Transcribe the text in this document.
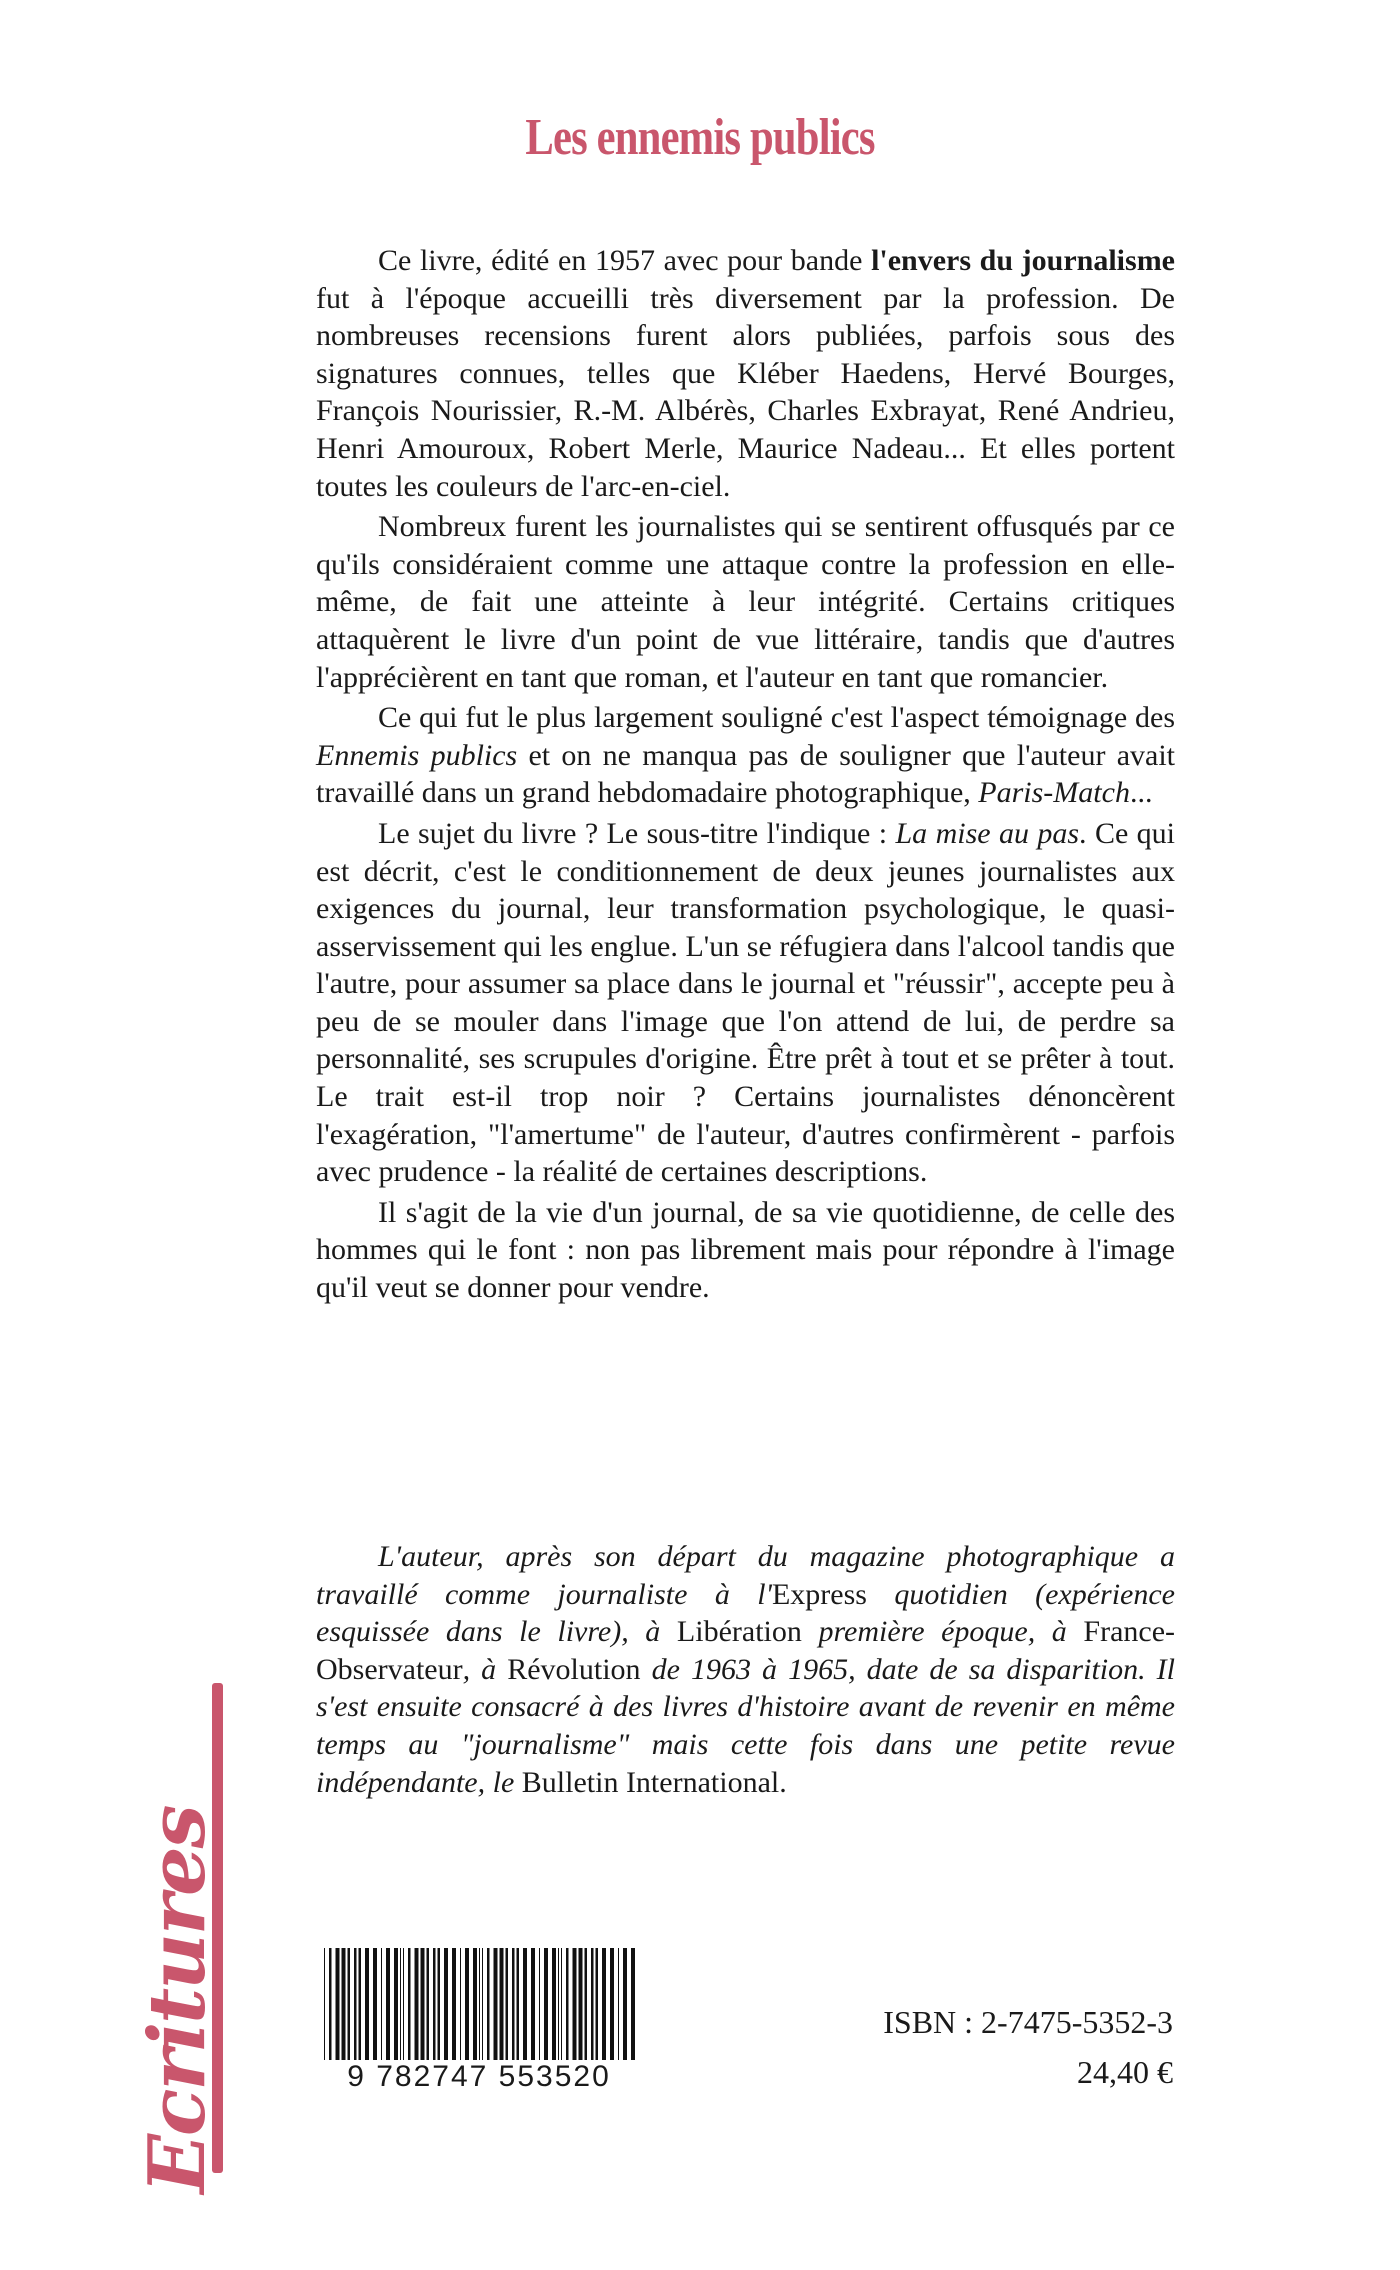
Les ennemis publics

Ce livre, édité en 1957 avec pour bande l'envers du journalisme fut à l'époque accueilli très diversement par la profession. De nombreuses recensions furent alors publiées, parfois sous des signatures connues, telles que Kléber Haedens, Hervé Bourges, François Nourissier, R.-M. Albérès, Charles Exbrayat, René Andrieu, Henri Amouroux, Robert Merle, Maurice Nadeau... Et elles portent toutes les couleurs de l'arc-en-ciel.

Nombreux furent les journalistes qui se sentirent offusqués par ce qu'ils considéraient comme une attaque contre la profession en elle-même, de fait une atteinte à leur intégrité. Certains critiques attaquèrent le livre d'un point de vue littéraire, tandis que d'autres l'apprécièrent en tant que roman, et l'auteur en tant que romancier.

Ce qui fut le plus largement souligné c'est l'aspect témoignage des Ennemis publics et on ne manqua pas de souligner que l'auteur avait travaillé dans un grand hebdomadaire photographique, Paris-Match...

Le sujet du livre ? Le sous-titre l'indique : La mise au pas. Ce qui est décrit, c'est le conditionnement de deux jeunes journalistes aux exigences du journal, leur transformation psychologique, le quasi-asservissement qui les englue. L'un se réfugiera dans l'alcool tandis que l'autre, pour assumer sa place dans le journal et "réussir", accepte peu à peu de se mouler dans l'image que l'on attend de lui, de perdre sa personnalité, ses scrupules d'origine. Être prêt à tout et se prêter à tout. Le trait est-il trop noir ? Certains journalistes dénoncèrent l'exagération, "l'amertume" de l'auteur, d'autres confirmèrent - parfois avec prudence - la réalité de certaines descriptions.

Il s'agit de la vie d'un journal, de sa vie quotidienne, de celle des hommes qui le font : non pas librement mais pour répondre à l'image qu'il veut se donner pour vendre.

L'auteur, après son départ du magazine photographique a travaillé comme journaliste à l'Express quotidien (expérience esquissée dans le livre), à Libération première époque, à France-Observateur, à Révolution de 1963 à 1965, date de sa disparition. Il s'est ensuite consacré à des livres d'histoire avant de revenir en même temps au "journalisme" mais cette fois dans une petite revue indépendante, le Bulletin International.

Ecritures	9 782747 553520
ISBN : 2-7475-5352-3
24,40 €
